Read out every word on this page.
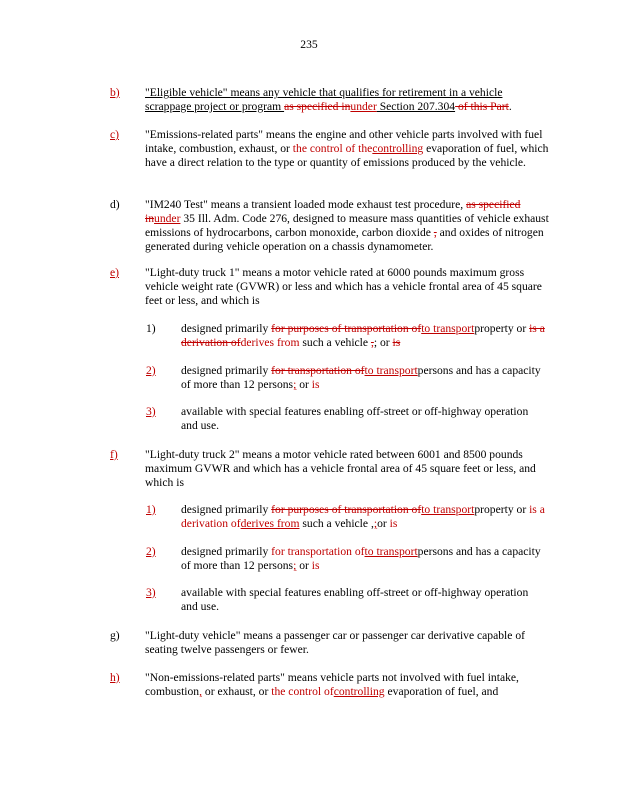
235
b) "Eligible vehicle" means any vehicle that qualifies for retirement in a vehicle scrappage project or program as specified inunder Section 207.304 of this Part.
c) "Emissions-related parts" means the engine and other vehicle parts involved with fuel intake, combustion, exhaust, or the control of thecontrolling evaporation of fuel, which have a direct relation to the type or quantity of emissions produced by the vehicle.
d) "IM240 Test" means a transient loaded mode exhaust test procedure, as specified inunder 35 Ill. Adm. Code 276, designed to measure mass quantities of vehicle exhaust emissions of hydrocarbons, carbon monoxide, carbon dioxide , and oxides of nitrogen generated during vehicle operation on a chassis dynamometer.
e) "Light-duty truck 1" means a motor vehicle rated at 6000 pounds maximum gross vehicle weight rate (GVWR) or less and which has a vehicle frontal area of 45 square feet or less, and which is
1) designed primarily for purposes of transportation ofto transportproperty or is a derivation ofderives from such a vehicle ,; or is
2) designed primarily for transportation ofto transportpersons and has a capacity of more than 12 persons; or is
3) available with special features enabling off-street or off-highway operation and use.
f) "Light-duty truck 2" means a motor vehicle rated between 6001 and 8500 pounds maximum GVWR and which has a vehicle frontal area of 45 square feet or less, and which is
1) designed primarily for purposes of transportation ofto transportproperty or is a derivation ofderives from such a vehicle ,;or is
2) designed primarily for transportation ofto transportpersons and has a capacity of more than 12 persons; or is
3) available with special features enabling off-street or off-highway operation and use.
g) "Light-duty vehicle" means a passenger car or passenger car derivative capable of seating twelve passengers or fewer.
h) "Non-emissions-related parts" means vehicle parts not involved with fuel intake, combustion, or exhaust, or the control ofcontrolling evaporation of fuel, and
